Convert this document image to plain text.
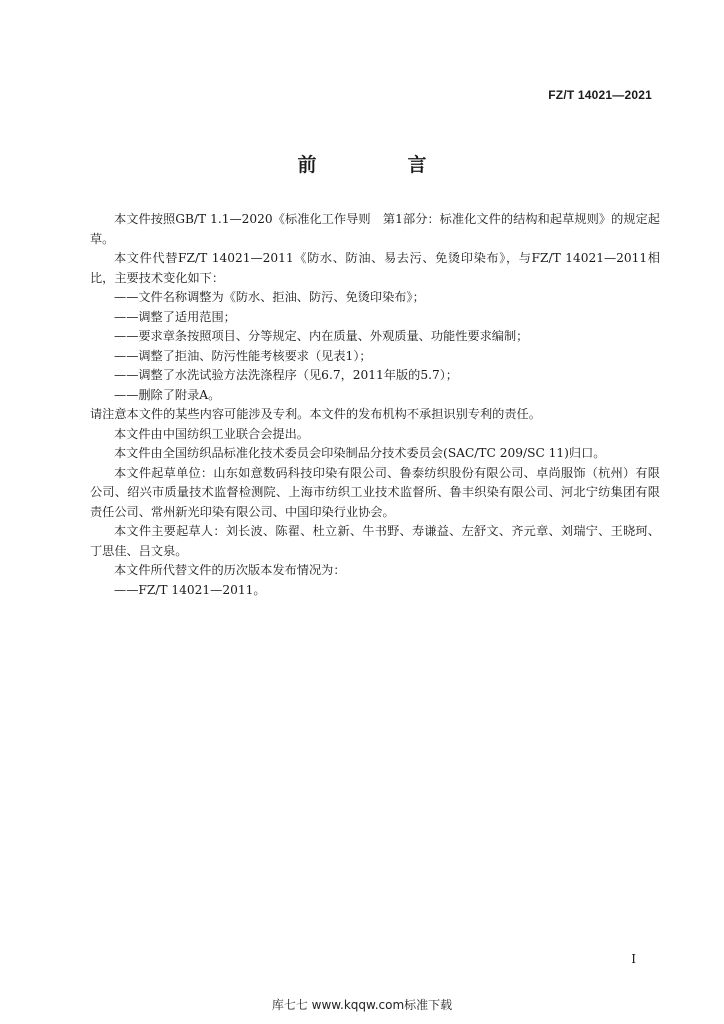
FZ/T 14021—2021
前　言

本文件按照GB/T 1.1—2020《标准化工作导则　第1部分：标准化文件的结构和起草规则》的规定起草。

本文件代替FZ/T 14021—2011《防水、防油、易去污、免烫印染布》，与FZ/T 14021—2011相比，主要技术变化如下：

——文件名称调整为《防水、拒油、防污、免烫印染布》；

——调整了适用范围；

——要求章条按照项目、分等规定、内在质量、外观质量、功能性要求编制；

——调整了拒油、防污性能考核要求（见表1）；

——调整了水洗试验方法洗涤程序（见6.7，2011年版的5.7）；

——删除了附录A。

请注意本文件的某些内容可能涉及专利。本文件的发布机构不承担识别专利的责任。

本文件由中国纺织工业联合会提出。

本文件由全国纺织品标准化技术委员会印染制品分技术委员会(SAC/TC 209/SC 11)归口。

本文件起草单位：山东如意数码科技印染有限公司、鲁泰纺织股份有限公司、卓尚服饰（杭州）有限公司、绍兴市质量技术监督检测院、上海市纺织工业技术监督所、鲁丰织染有限公司、河北宁纺集团有限责任公司、常州新光印染有限公司、中国印染行业协会。

本文件主要起草人：刘长波、陈翟、杜立新、牛书野、寿谦益、左舒文、齐元章、刘瑞宁、王晓珂、丁思佳、吕文泉。

本文件所代替文件的历次版本发布情况为：

——FZ/T 14021—2011。

I
库七七 www.kqqw.com标准下载
